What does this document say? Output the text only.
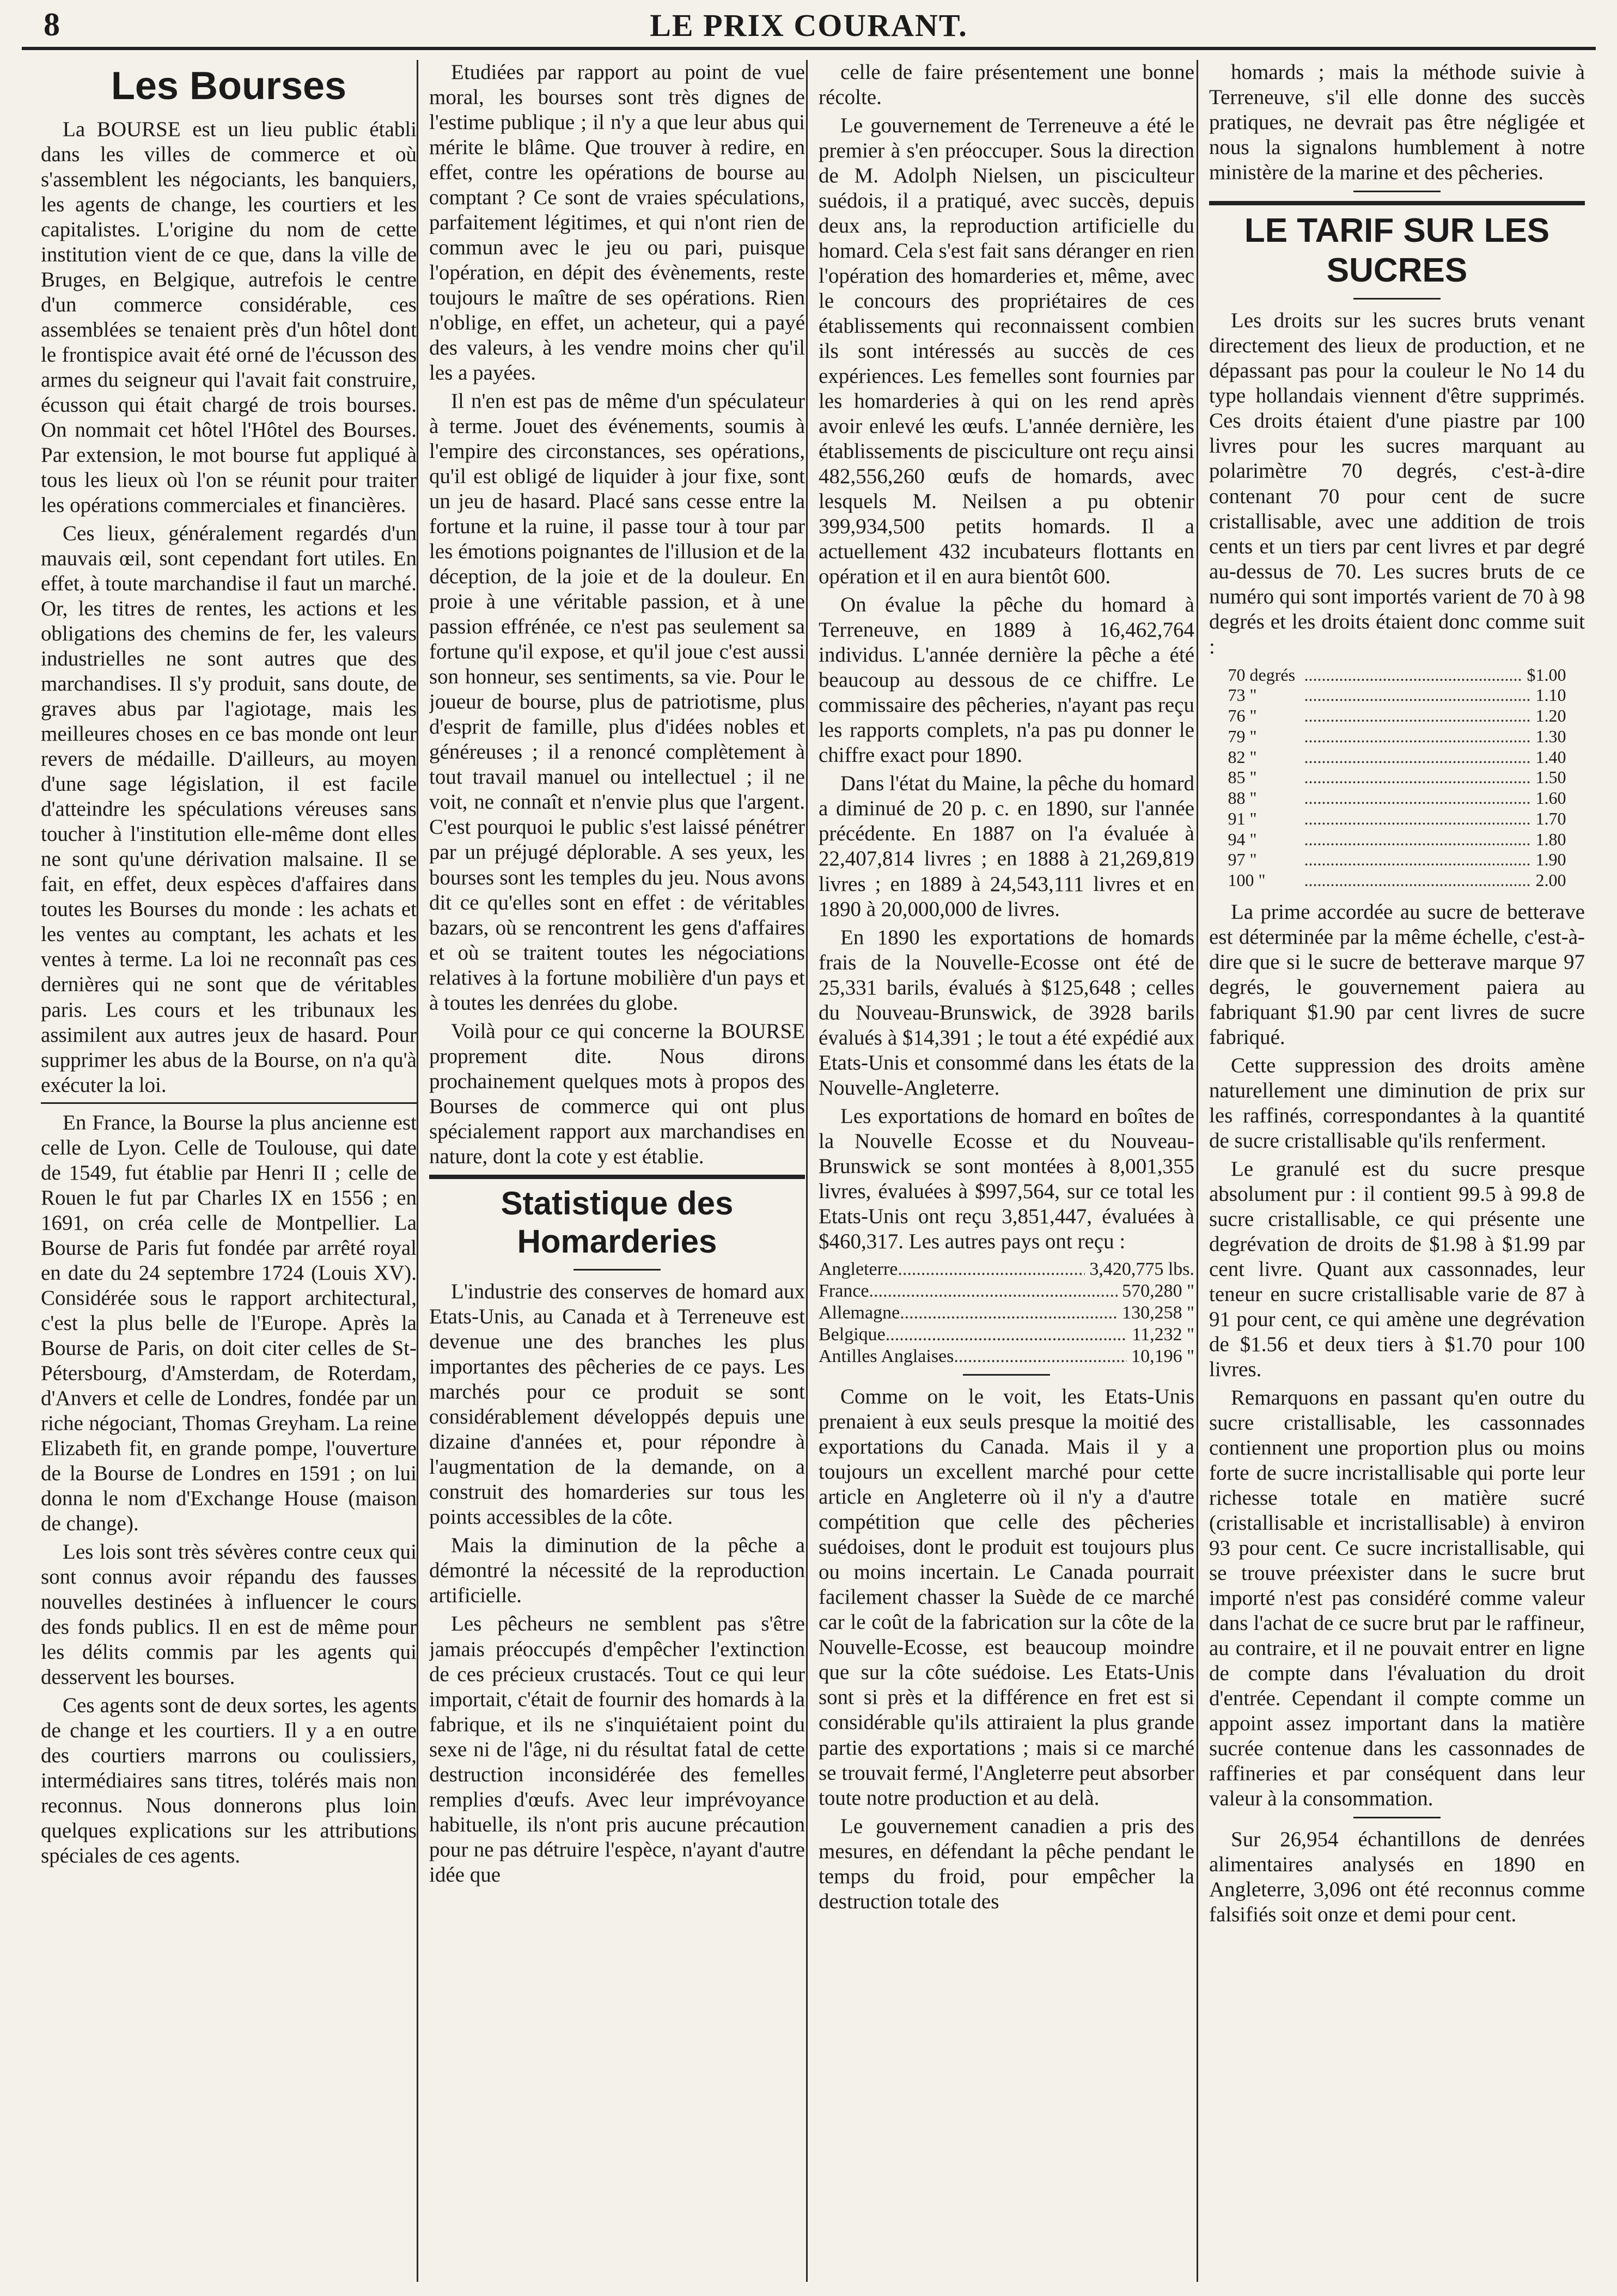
8	LE PRIX COURANT.
Les Bourses

La BOURSE est un lieu public établi dans les villes de commerce et où s'assemblent les négociants, les banquiers, les agents de change, les courtiers et les capitalistes. L'origine du nom de cette institution vient de ce que, dans la ville de Bruges, en Belgique, autrefois le centre d'un commerce considérable, ces assemblées se tenaient près d'un hôtel dont le frontispice avait été orné de l'écusson des armes du seigneur qui l'avait fait construire, écusson qui était chargé de trois bourses. On nommait cet hôtel l'Hôtel des Bourses. Par extension, le mot bourse fut appliqué à tous les lieux où l'on se réunit pour traiter les opérations commerciales et financières.

Ces lieux, généralement regardés d'un mauvais œil, sont cependant fort utiles. En effet, à toute marchandise il faut un marché. Or, les titres de rentes, les actions et les obligations des chemins de fer, les valeurs industrielles ne sont autres que des marchandises. Il s'y produit, sans doute, de graves abus par l'agiotage, mais les meilleures choses en ce bas monde ont leur revers de médaille. D'ailleurs, au moyen d'une sage législation, il est facile d'atteindre les spéculations véreuses sans toucher à l'institution elle-même dont elles ne sont qu'une dérivation malsaine. Il se fait, en effet, deux espèces d'affaires dans toutes les Bourses du monde : les achats et les ventes au comptant, les achats et les ventes à terme. La loi ne reconnaît pas ces dernières qui ne sont que de véritables paris. Les cours et les tribunaux les assimilent aux autres jeux de hasard. Pour supprimer les abus de la Bourse, on n'a qu'à exécuter la loi.

En France, la Bourse la plus ancienne est celle de Lyon. Celle de Toulouse, qui date de 1549, fut établie par Henri II ; celle de Rouen le fut par Charles IX en 1556 ; en 1691, on créa celle de Montpellier. La Bourse de Paris fut fondée par arrêté royal en date du 24 septembre 1724 (Louis XV). Considérée sous le rapport architectural, c'est la plus belle de l'Europe. Après la Bourse de Paris, on doit citer celles de St-Pétersbourg, d'Amsterdam, de Roterdam, d'Anvers et celle de Londres, fondée par un riche négociant, Thomas Greyham. La reine Elizabeth fit, en grande pompe, l'ouverture de la Bourse de Londres en 1591 ; on lui donna le nom d'Exchange House (maison de change).

Les lois sont très sévères contre ceux qui sont connus avoir répandu des fausses nouvelles destinées à influencer le cours des fonds publics. Il en est de même pour les délits commis par les agents qui desservent les bourses.

Ces agents sont de deux sortes, les agents de change et les courtiers. Il y a en outre des courtiers marrons ou coulissiers, intermédiaires sans titres, tolérés mais non reconnus. Nous donnerons plus loin quelques explications sur les attributions spéciales de ces agents.

Etudiées par rapport au point de vue moral, les bourses sont très dignes de l'estime publique ; il n'y a que leur abus qui mérite le blâme. Que trouver à redire, en effet, contre les opérations de bourse au comptant ? Ce sont de vraies spéculations, parfaitement légitimes, et qui n'ont rien de commun avec le jeu ou pari, puisque l'opération, en dépit des évènements, reste toujours le maître de ses opérations. Rien n'oblige, en effet, un acheteur, qui a payé des valeurs, à les vendre moins cher qu'il les a payées.

Il n'en est pas de même d'un spéculateur à terme. Jouet des événements, soumis à l'empire des circonstances, ses opérations, qu'il est obligé de liquider à jour fixe, sont un jeu de hasard. Placé sans cesse entre la fortune et la ruine, il passe tour à tour par les émotions poignantes de l'illusion et de la déception, de la joie et de la douleur. En proie à une véritable passion, et à une passion effrénée, ce n'est pas seulement sa fortune qu'il expose, et qu'il joue c'est aussi son honneur, ses sentiments, sa vie. Pour le joueur de bourse, plus de patriotisme, plus d'esprit de famille, plus d'idées nobles et généreuses ; il a renoncé complètement à tout travail manuel ou intellectuel ; il ne voit, ne connaît et n'envie plus que l'argent. C'est pourquoi le public s'est laissé pénétrer par un préjugé déplorable. A ses yeux, les bourses sont les temples du jeu. Nous avons dit ce qu'elles sont en effet : de véritables bazars, où se rencontrent les gens d'affaires et où se traitent toutes les négociations relatives à la fortune mobilière d'un pays et à toutes les denrées du globe.

Voilà pour ce qui concerne la BOURSE proprement dite. Nous dirons prochainement quelques mots à propos des Bourses de commerce qui ont plus spécialement rapport aux marchandises en nature, dont la cote y est établie.

Statistique des Homarderies

L'industrie des conserves de homard aux Etats-Unis, au Canada et à Terreneuve est devenue une des branches les plus importantes des pêcheries de ce pays. Les marchés pour ce produit se sont considérablement développés depuis une dizaine d'années et, pour répondre à l'augmentation de la demande, on a construit des homarderies sur tous les points accessibles de la côte.

Mais la diminution de la pêche a démontré la nécessité de la reproduction artificielle.

Les pêcheurs ne semblent pas s'être jamais préoccupés d'empêcher l'extinction de ces précieux crustacés. Tout ce qui leur importait, c'était de fournir des homards à la fabrique, et ils ne s'inquiétaient point du sexe ni de l'âge, ni du résultat fatal de cette destruction inconsidérée des femelles remplies d'œufs. Avec leur imprévoyance habituelle, ils n'ont pris aucune précaution pour ne pas détruire l'espèce, n'ayant d'autre idée que

celle de faire présentement une bonne récolte.

Le gouvernement de Terreneuve a été le premier à s'en préoccuper. Sous la direction de M. Adolph Nielsen, un pisciculteur suédois, il a pratiqué, avec succès, depuis deux ans, la reproduction artificielle du homard. Cela s'est fait sans déranger en rien l'opération des homarderies et, même, avec le concours des propriétaires de ces établissements qui reconnaissent combien ils sont intéressés au succès de ces expériences. Les femelles sont fournies par les homarderies à qui on les rend après avoir enlevé les œufs. L'année dernière, les établissements de pisciculture ont reçu ainsi 482,556,260 œufs de homards, avec lesquels M. Neilsen a pu obtenir 399,934,500 petits homards. Il a actuellement 432 incubateurs flottants en opération et il en aura bientôt 600.

On évalue la pêche du homard à Terreneuve, en 1889 à 16,462,764 individus. L'année dernière la pêche a été beaucoup au dessous de ce chiffre. Le commissaire des pêcheries, n'ayant pas reçu les rapports complets, n'a pas pu donner le chiffre exact pour 1890.

Dans l'état du Maine, la pêche du homard a diminué de 20 p. c. en 1890, sur l'année précédente. En 1887 on l'a évaluée à 22,407,814 livres ; en 1888 à 21,269,819 livres ; en 1889 à 24,543,111 livres et en 1890 à 20,000,000 de livres.

En 1890 les exportations de homards frais de la Nouvelle-Ecosse ont été de 25,331 barils, évalués à $125,648 ; celles du Nouveau-Brunswick, de 3928 barils évalués à $14,391 ; le tout a été expédié aux Etats-Unis et consommé dans les états de la Nouvelle-Angleterre.

Les exportations de homard en boîtes de la Nouvelle Ecosse et du Nouveau-Brunswick se sont montées à 8,001,355 livres, évaluées à $997,564, sur ce total les Etats-Unis ont reçu 3,851,447, évaluées à $460,317. Les autres pays ont reçu :

Angleterre .....	3,420,775 lbs.
France .....	570,280 "
Allemagne .....	130,258 "
Belgique .....	11,232 "
Antilles Anglaises .....	10,196 "

Comme on le voit, les Etats-Unis prenaient à eux seuls presque la moitié des exportations du Canada. Mais il y a toujours un excellent marché pour cette article en Angleterre où il n'y a d'autre compétition que celle des pêcheries suédoises, dont le produit est toujours plus ou moins incertain. Le Canada pourrait facilement chasser la Suède de ce marché car le coût de la fabrication sur la côte de la Nouvelle-Ecosse, est beaucoup moindre que sur la côte suédoise. Les Etats-Unis sont si près et la différence en fret est si considérable qu'ils attiraient la plus grande partie des exportations ; mais si ce marché se trouvait fermé, l'Angleterre peut absorber toute notre production et au delà.

Le gouvernement canadien a pris des mesures, en défendant la pêche pendant le temps du froid, pour empêcher la destruction totale des

homards ; mais la méthode suivie à Terreneuve, s'il elle donne des succès pratiques, ne devrait pas être négligée et nous la signalons humblement à notre ministère de la marine et des pêcheries.

LE TARIF SUR LES SUCRES

Les droits sur les sucres bruts venant directement des lieux de production, et ne dépassant pas pour la couleur le No 14 du type hollandais viennent d'être supprimés. Ces droits étaient d'une piastre par 100 livres pour les sucres marquant au polarimètre 70 degrés, c'est-à-dire contenant 70 pour cent de sucre cristallisable, avec une addition de trois cents et un tiers par cent livres et par degré au-dessus de 70. Les sucres bruts de ce numéro qui sont importés varient de 70 à 98 degrés et les droits étaient donc comme suit :

70 degrés .....	$1.00
73 " .....	1.10
76 " .....	1.20
79 " .....	1.30
82 " .....	1.40
85 " .....	1.50
88 " .....	1.60
91 " .....	1.70
94 " .....	1.80
97 " .....	1.90
100 " .....	2.00

La prime accordée au sucre de betterave est déterminée par la même échelle, c'est-à-dire que si le sucre de betterave marque 97 degrés, le gouvernement paiera au fabriquant $1.90 par cent livres de sucre fabriqué.

Cette suppression des droits amène naturellement une diminution de prix sur les raffinés, correspondantes à la quantité de sucre cristallisable qu'ils renferment.

Le granulé est du sucre presque absolument pur : il contient 99.5 à 99.8 de sucre cristallisable, ce qui présente une degrévation de droits de $1.98 à $1.99 par cent livre. Quant aux cassonnades, leur teneur en sucre cristallisable varie de 87 à 91 pour cent, ce qui amène une degrévation de $1.56 et deux tiers à $1.70 pour 100 livres.

Remarquons en passant qu'en outre du sucre cristallisable, les cassonnades contiennent une proportion plus ou moins forte de sucre incristallisable qui porte leur richesse totale en matière sucré (cristallisable et incristallisable) à environ 93 pour cent. Ce sucre incristallisable, qui se trouve préexister dans le sucre brut importé n'est pas considéré comme valeur dans l'achat de ce sucre brut par le raffineur, au contraire, et il ne pouvait entrer en ligne de compte dans l'évaluation du droit d'entrée. Cependant il compte comme un appoint assez important dans la matière sucrée contenue dans les cassonnades de raffineries et par conséquent dans leur valeur à la consommation.

Sur 26,954 échantillons de denrées alimentaires analysés en 1890 en Angleterre, 3,096 ont été reconnus comme falsifiés soit onze et demi pour cent.
